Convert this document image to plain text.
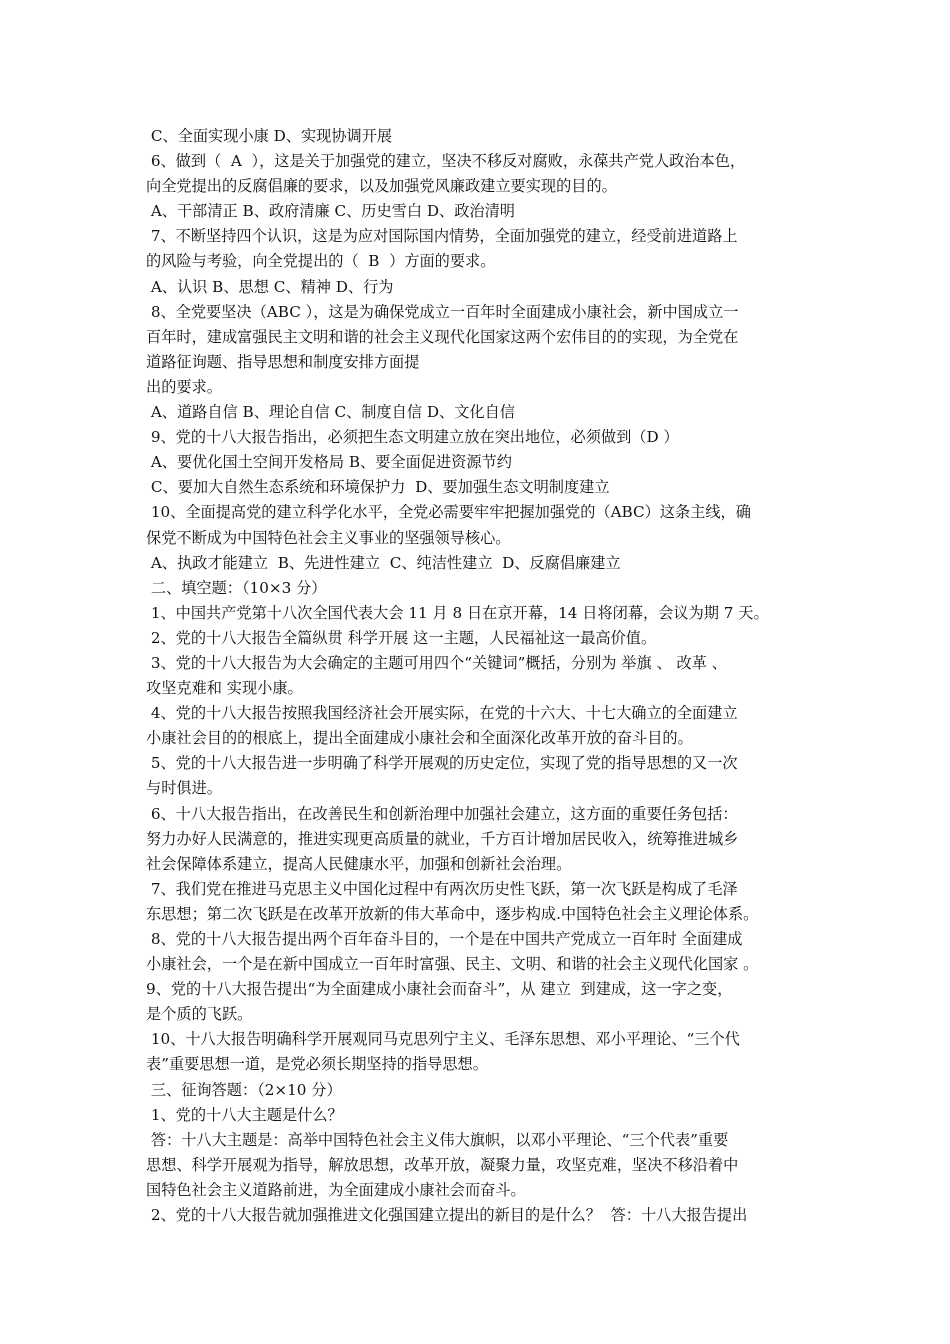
C、全面实现小康 D、实现协调开展
6、做到（  A  ），这是关于加强党的建立，坚决不移反对腐败，永葆共产党人政治本色，
向全党提出的反腐倡廉的要求，以及加强党风廉政建立要实现的目的。
A、干部清正 B、政府清廉 C、历史雪白 D、政治清明
7、不断坚持四个认识，这是为应对国际国内情势，全面加强党的建立，经受前进道路上
的风险与考验，向全党提出的（  B  ）方面的要求。
A、认识 B、思想 C、精神 D、行为
8、全党要坚决（ABC ），这是为确保党成立一百年时全面建成小康社会，新中国成立一
百年时，建成富强民主文明和谐的社会主义现代化国家这两个宏伟目的的实现，为全党在
道路征询题、指导思想和制度安排方面提
出的要求。
A、道路自信 B、理论自信 C、制度自信 D、文化自信
9、党的十八大报告指出，必须把生态文明建立放在突出地位，必须做到（D ）
A、要优化国土空间开发格局 B、要全面促进资源节约
C、要加大自然生态系统和环境保护力  D、要加强生态文明制度建立
10、全面提高党的建立科学化水平，全党必需要牢牢把握加强党的（ABC）这条主线，确
保党不断成为中国特色社会主义事业的坚强领导核心。
A、执政才能建立  B、先进性建立  C、纯洁性建立  D、反腐倡廉建立
二、填空题：（10×3 分）
1、中国共产党第十八次全国代表大会 11 月 8 日在京开幕，14 日将闭幕，会议为期 7 天。
2、党的十八大报告全篇纵贯 科学开展 这一主题，人民福祉这一最高价值。
3、党的十八大报告为大会确定的主题可用四个“关键词”概括，分别为 举旗 、 改革 、
攻坚克难和 实现小康。
4、党的十八大报告按照我国经济社会开展实际，在党的十六大、十七大确立的全面建立
小康社会目的的根底上，提出全面建成小康社会和全面深化改革开放的奋斗目的。
5、党的十八大报告进一步明确了科学开展观的历史定位，实现了党的指导思想的又一次
与时俱进。
6、十八大报告指出，在改善民生和创新治理中加强社会建立，这方面的重要任务包括：
努力办好人民满意的，推进实现更高质量的就业，千方百计增加居民收入，统筹推进城乡
社会保障体系建立，提高人民健康水平，加强和创新社会治理。
7、我们党在推进马克思主义中国化过程中有两次历史性飞跃，第一次飞跃是构成了毛泽
东思想；第二次飞跃是在改革开放新的伟大革命中，逐步构成.中国特色社会主义理论体系。
8、党的十八大报告提出两个百年奋斗目的，一个是在中国共产党成立一百年时 全面建成
小康社会，一个是在新中国成立一百年时富强、民主、文明、和谐的社会主义现代化国家 。
9、党的十八大报告提出“为全面建成小康社会而奋斗”，从 建立  到建成，这一字之变，
是个质的飞跃。
10、十八大报告明确科学开展观同马克思列宁主义、毛泽东思想、邓小平理论、“三个代
表”重要思想一道，是党必须长期坚持的指导思想。
三、征询答题：（2×10 分）
1、党的十八大主题是什么？
答：十八大主题是：高举中国特色社会主义伟大旗帜，以邓小平理论、“三个代表”重要
思想、科学开展观为指导，解放思想，改革开放，凝聚力量，攻坚克难，坚决不移沿着中
国特色社会主义道路前进，为全面建成小康社会而奋斗。
2、党的十八大报告就加强推进文化强国建立提出的新目的是什么？  答：十八大报告提出
